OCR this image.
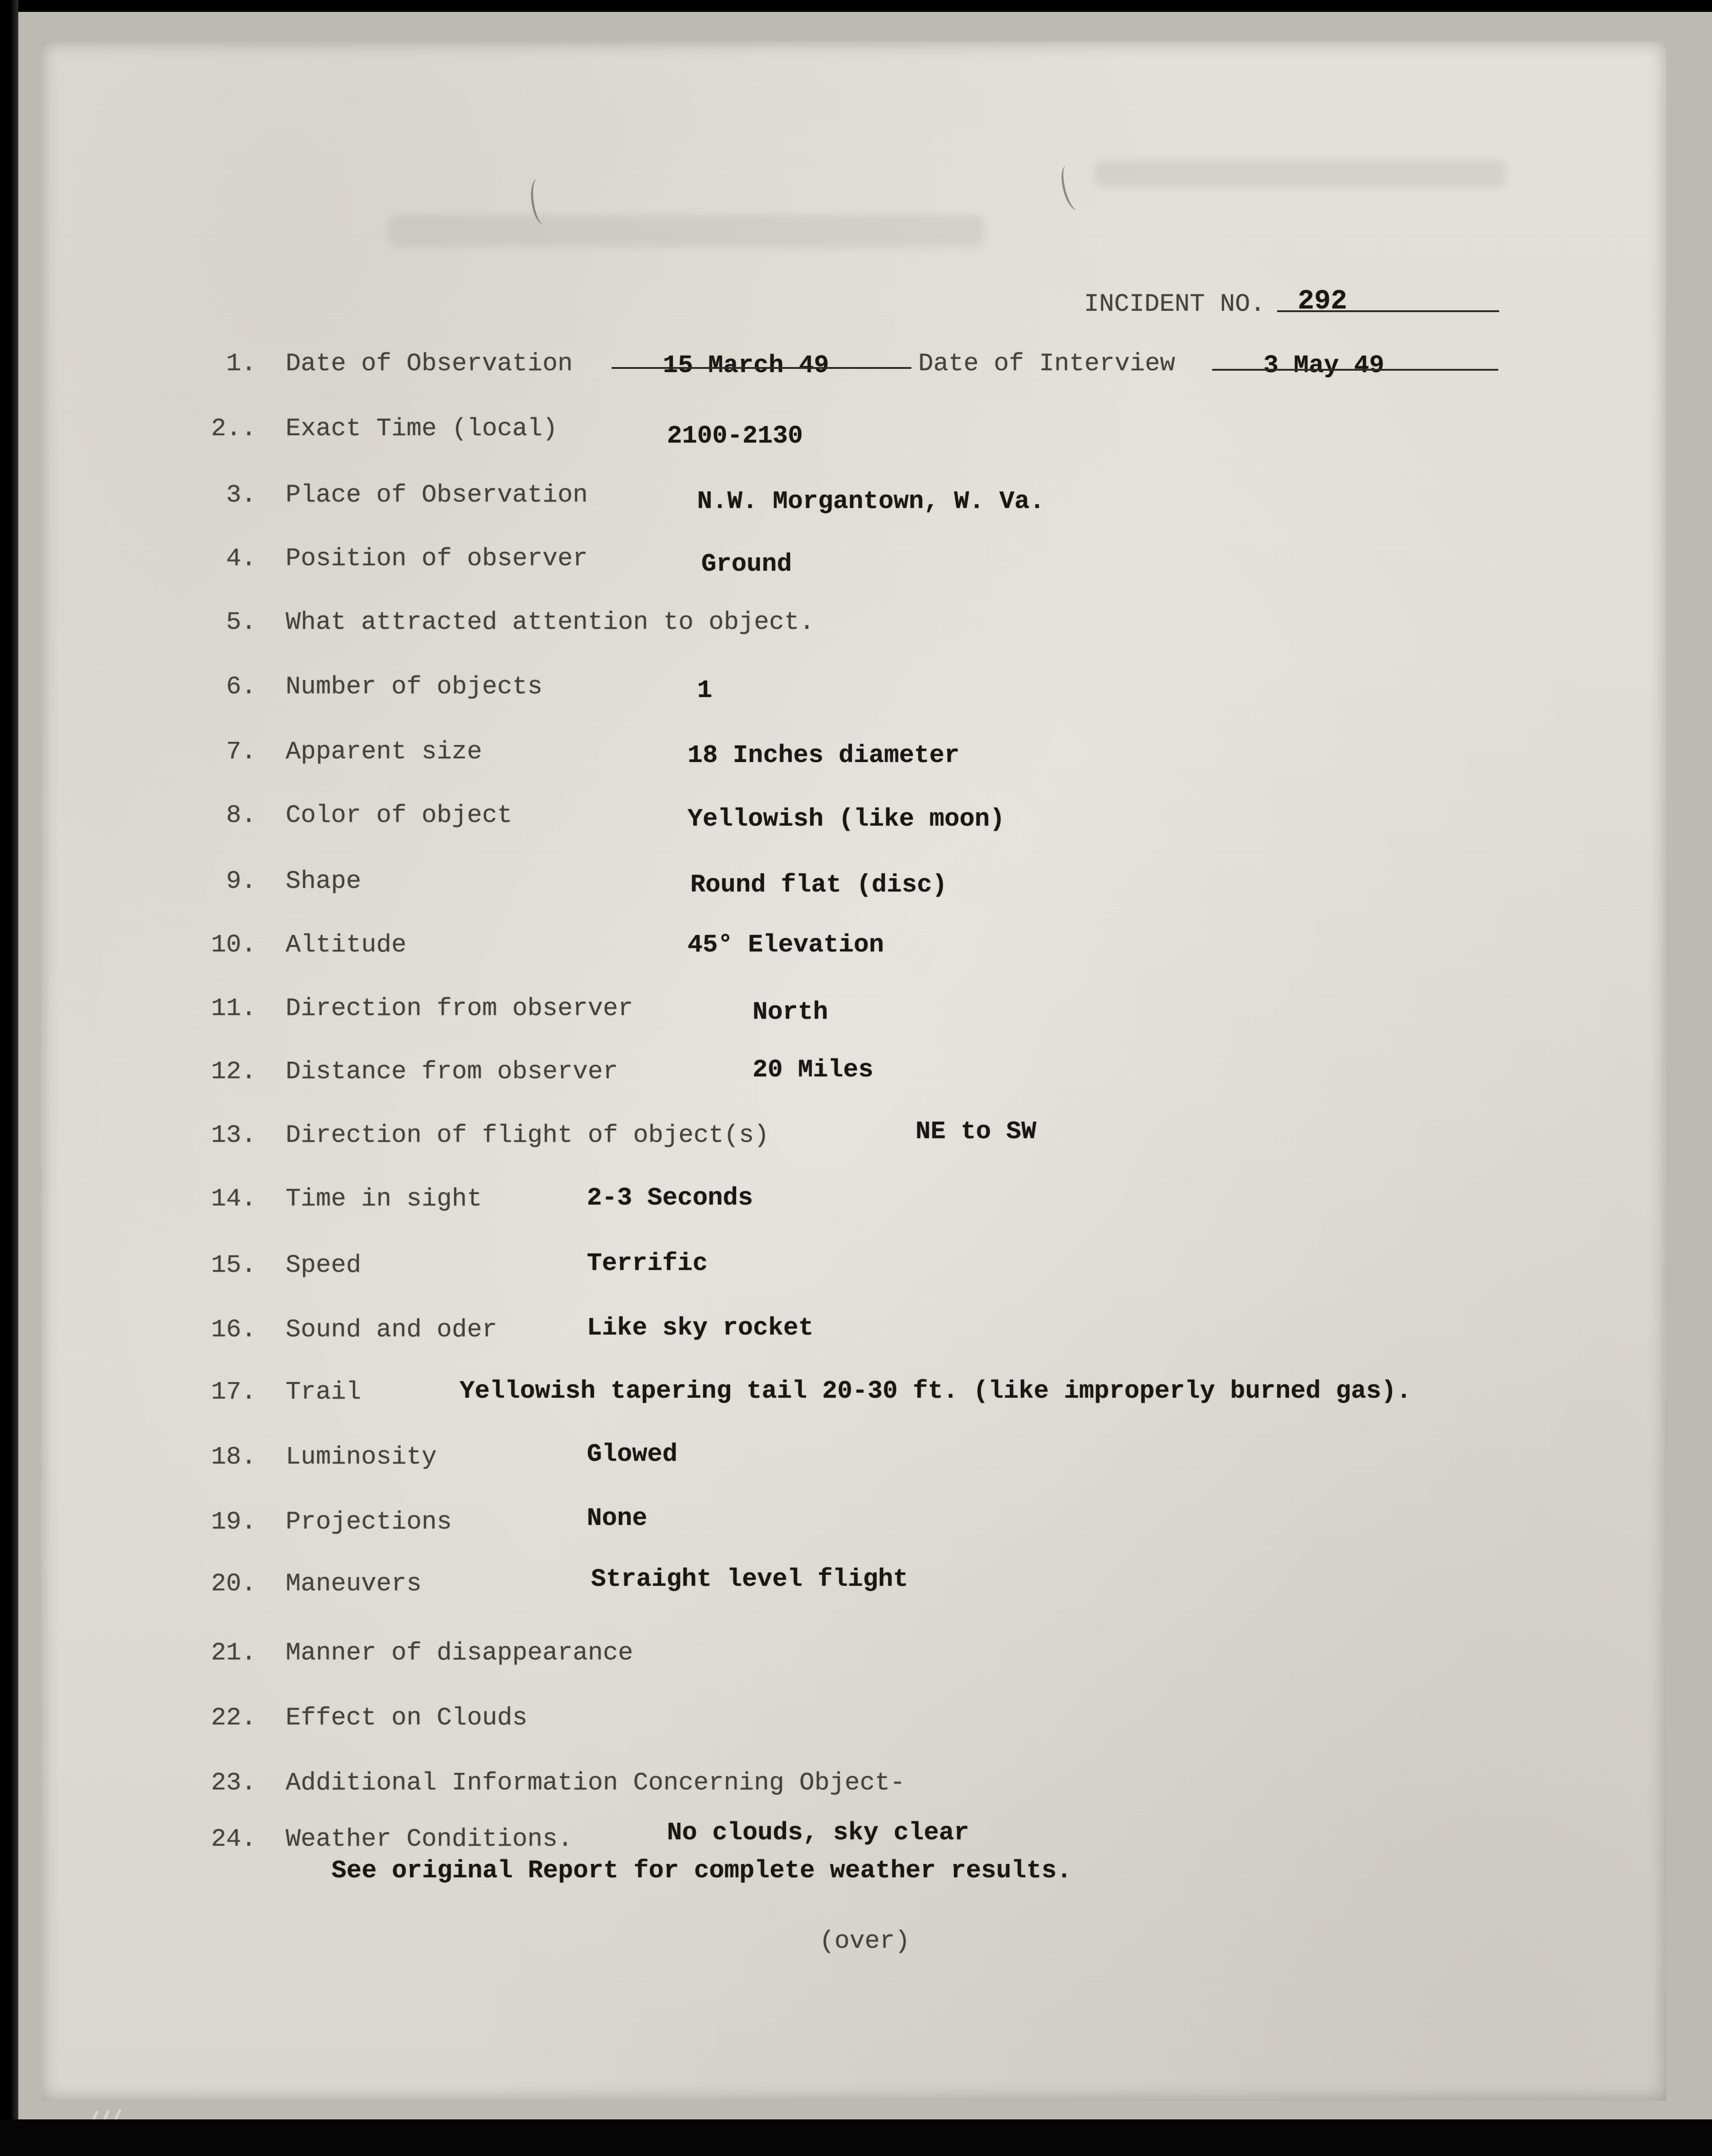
INCIDENT NO. 292
1. Date of Observation	15 March 49	Date of Interview	3 May 49
2.. Exact Time (local)	2100-2130
3. Place of Observation	N.W. Morgantown, W. Va.
4. Position of observer	Ground
5. What attracted attention to object.
6. Number of objects	1
7. Apparent size	18 Inches diameter
8. Color of object	Yellowish (like moon)
9. Shape	Round flat (disc)
10. Altitude	45° Elevation
11. Direction from observer	North
12. Distance from observer	20 Miles
13. Direction of flight of object(s)	NE to SW
14. Time in sight	2-3 Seconds
15. Speed	Terrific
16. Sound and oder	Like sky rocket
17. Trail	Yellowish tapering tail 20-30 ft. (like improperly burned gas).
18. Luminosity	Glowed
19. Projections	None
20. Maneuvers	Straight level flight
21. Manner of disappearance
22. Effect on Clouds
23. Additional Information Concerning Object-
24. Weather Conditions.	No clouds, sky clear
See original Report for complete weather results.
(over)
